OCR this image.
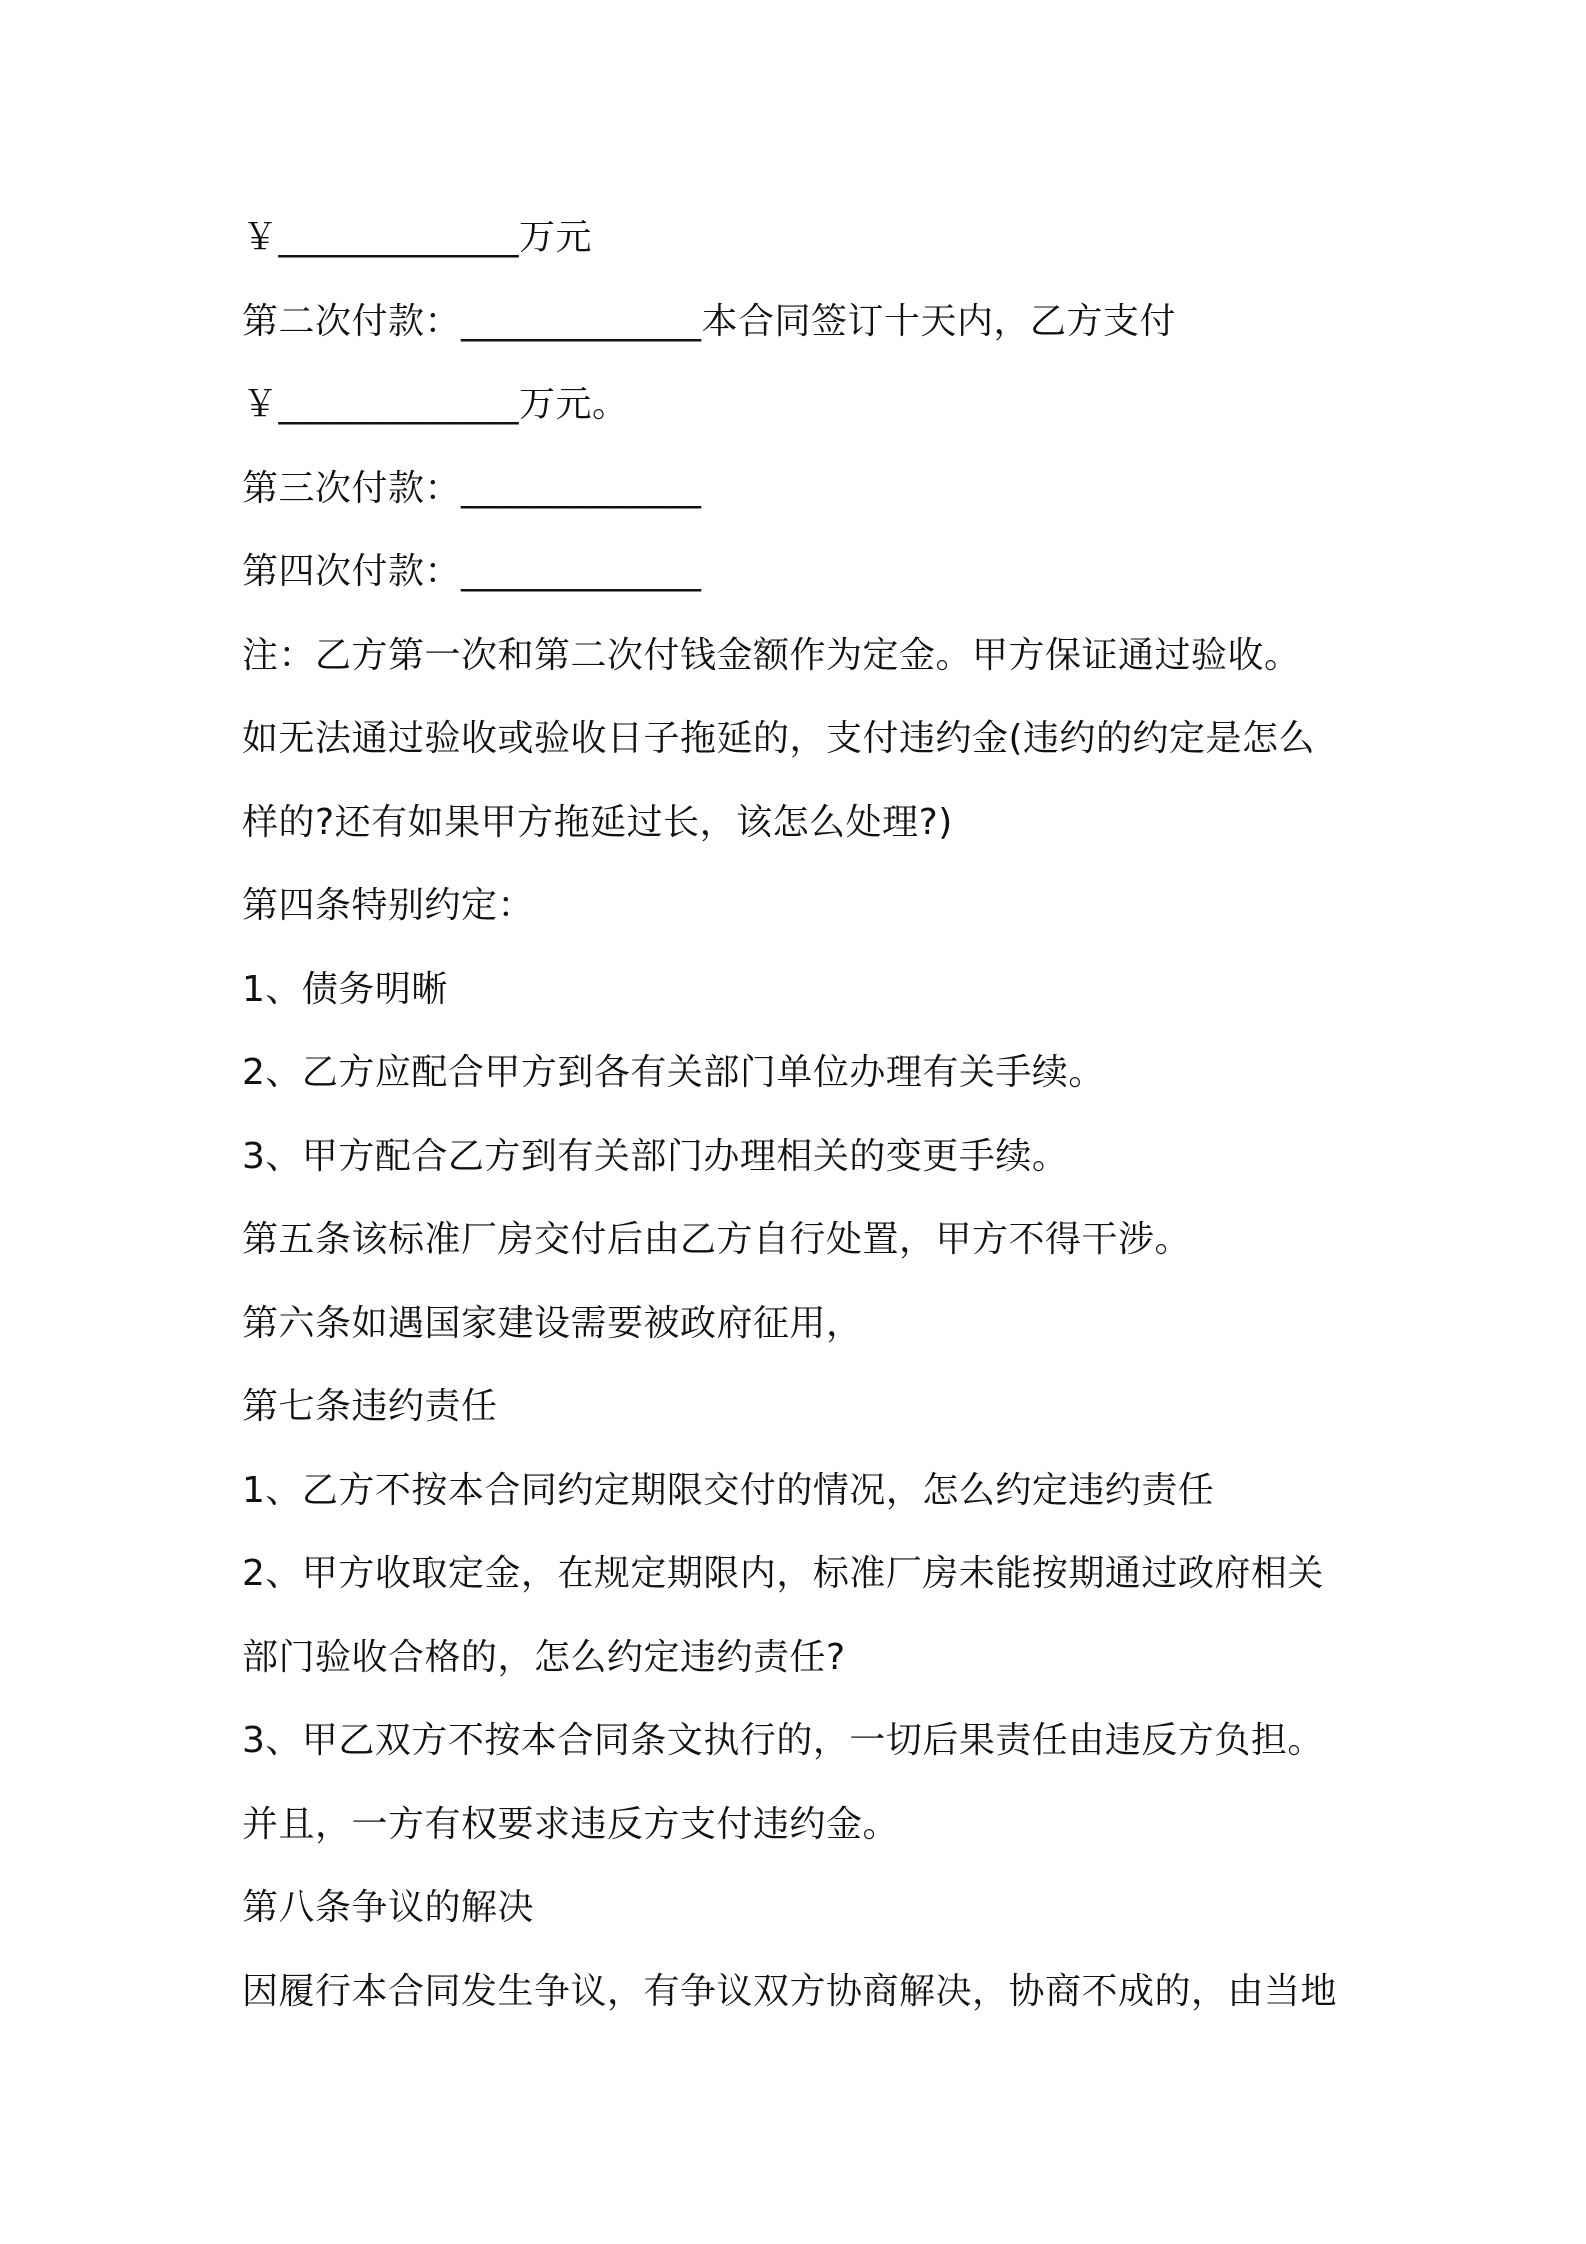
￥_____________万元
第二次付款：_____________本合同签订十天内，乙方支付
￥_____________万元。
第三次付款：_____________
第四次付款：_____________
注：乙方第一次和第二次付钱金额作为定金。甲方保证通过验收。
如无法通过验收或验收日子拖延的，支付违约金(违约的约定是怎么
样的?还有如果甲方拖延过长，该怎么处理?)
第四条特别约定：
1、债务明晰
2、乙方应配合甲方到各有关部门单位办理有关手续。
3、甲方配合乙方到有关部门办理相关的变更手续。
第五条该标准厂房交付后由乙方自行处置，甲方不得干涉。
第六条如遇国家建设需要被政府征用，
第七条违约责任
1、乙方不按本合同约定期限交付的情况，怎么约定违约责任
2、甲方收取定金，在规定期限内，标准厂房未能按期通过政府相关
部门验收合格的，怎么约定违约责任?
3、甲乙双方不按本合同条文执行的，一切后果责任由违反方负担。
并且，一方有权要求违反方支付违约金。
第八条争议的解决
因履行本合同发生争议，有争议双方协商解决，协商不成的，由当地
